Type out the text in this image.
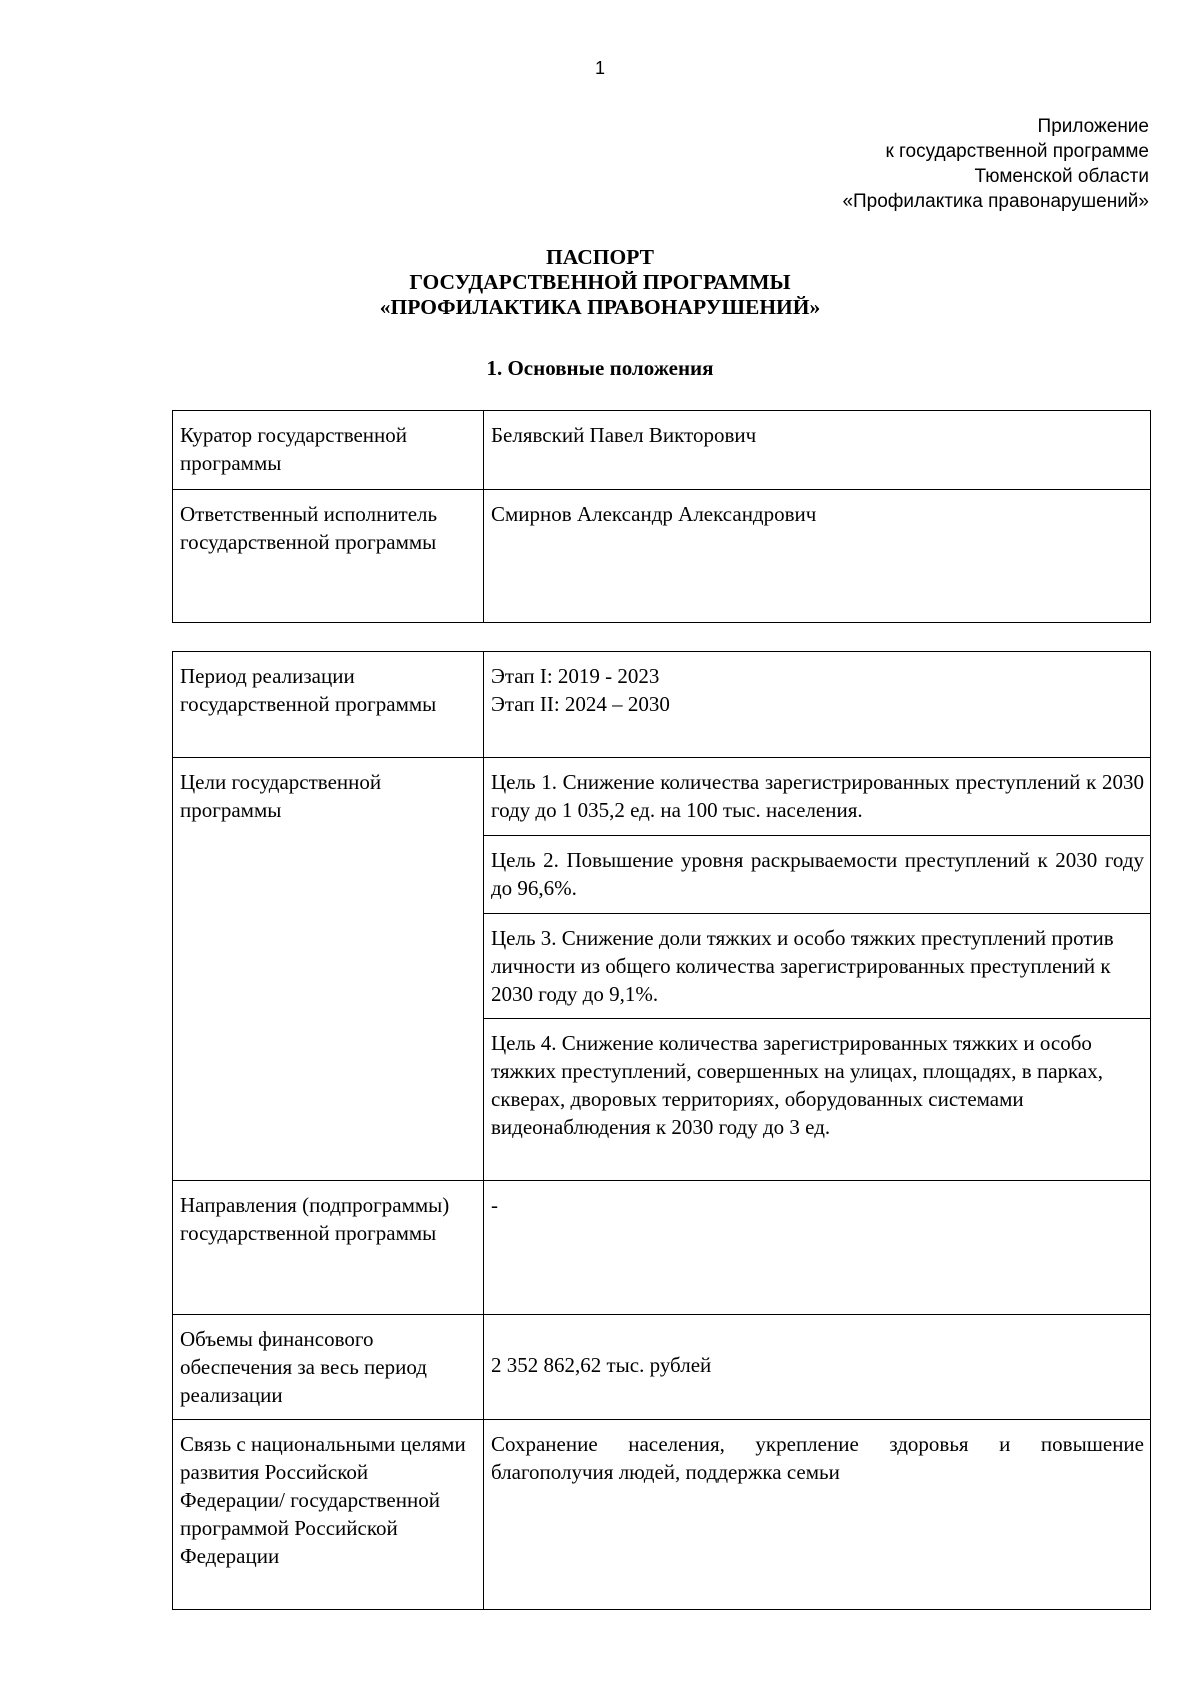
1
Приложение
к государственной программе
Тюменской области
«Профилактика правонарушений»
ПАСПОРТ
ГОСУДАРСТВЕННОЙ ПРОГРАММЫ
«ПРОФИЛАКТИКА ПРАВОНАРУШЕНИЙ»
1. Основные положения
Куратор государственной программы	Белявский Павел Викторович
Ответственный исполнитель государственной программы	Смирнов Александр Александрович
Период реализации государственной программы	Этап I: 2019 - 2023
Этап II: 2024 – 2030

Цели государственной программы	Цель 1. Снижение количества зарегистрированных преступлений к 2030 году до 1 035,2 ед. на 100 тыс. населения.
	Цель 2. Повышение уровня раскрываемости преступлений к 2030 году до 96,6%.
	Цель 3. Снижение доли тяжких и особо тяжких преступлений против личности из общего количества зарегистрированных преступлений к 2030 году до 9,1%.
	Цель 4. Снижение количества зарегистрированных тяжких и особо тяжких преступлений, совершенных на улицах, площадях, в парках, скверах, дворовых территориях, оборудованных системами видеонаблюдения к 2030 году до 3 ед.
Направления (подпрограммы) государственной программы	-
Объемы финансового обеспечения за весь период реализации	2 352 862,62 тыс. рублей

Связь с национальными целями развития Российской Федерации/ государственной программой Российской Федерации	Сохранение населения, укрепление здоровья и повышение благополучия людей, поддержка семьи
